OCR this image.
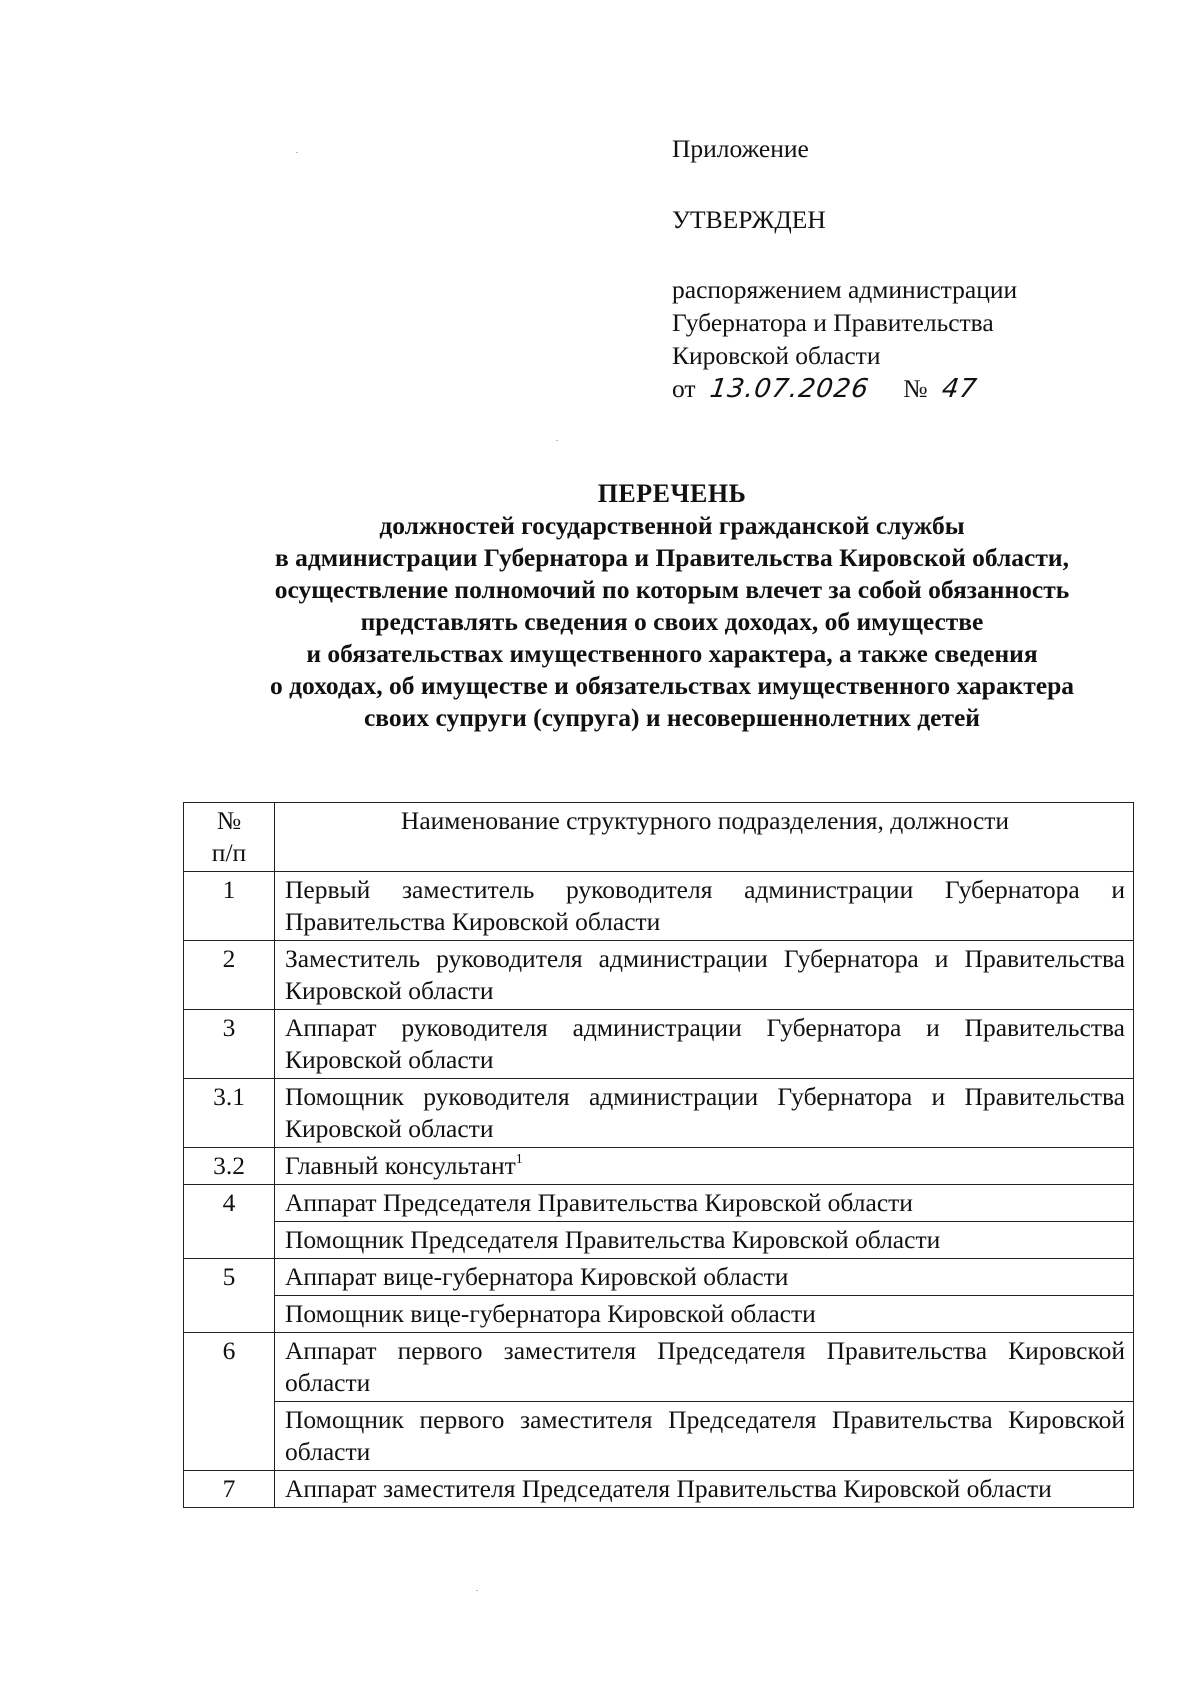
Приложение
УТВЕРЖДЕН
распоряжением администрации
Губернатора и Правительства
Кировской области
от 13.07.2026 № 47
ПЕРЕЧЕНЬ
должностей государственной гражданской службы
в администрации Губернатора и Правительства Кировской области,
осуществление полномочий по которым влечет за собой обязанность
представлять сведения о своих доходах, об имуществе
и обязательствах имущественного характера, а также сведения
о доходах, об имуществе и обязательствах имущественного характера
своих супруги (супруга) и несовершеннолетних детей
№
п/п	Наименование структурного подразделения, должности
1	Первый заместитель руководителя администрации Губернатора и Правительства Кировской области
2	Заместитель руководителя администрации Губернатора и Правительства Кировской области
3	Аппарат руководителя администрации Губернатора и Правительства Кировской области
3.1	Помощник руководителя администрации Губернатора и Правительства Кировской области
3.2	Главный консультант$^1$
4	Аппарат Председателя Правительства Кировской области
	Помощник Председателя Правительства Кировской области
5	Аппарат вице-губернатора Кировской области
	Помощник вице-губернатора Кировской области
6	Аппарат первого заместителя Председателя Правительства Кировской области
	Помощник первого заместителя Председателя Правительства Кировской области
7	Аппарат заместителя Председателя Правительства Кировской области
